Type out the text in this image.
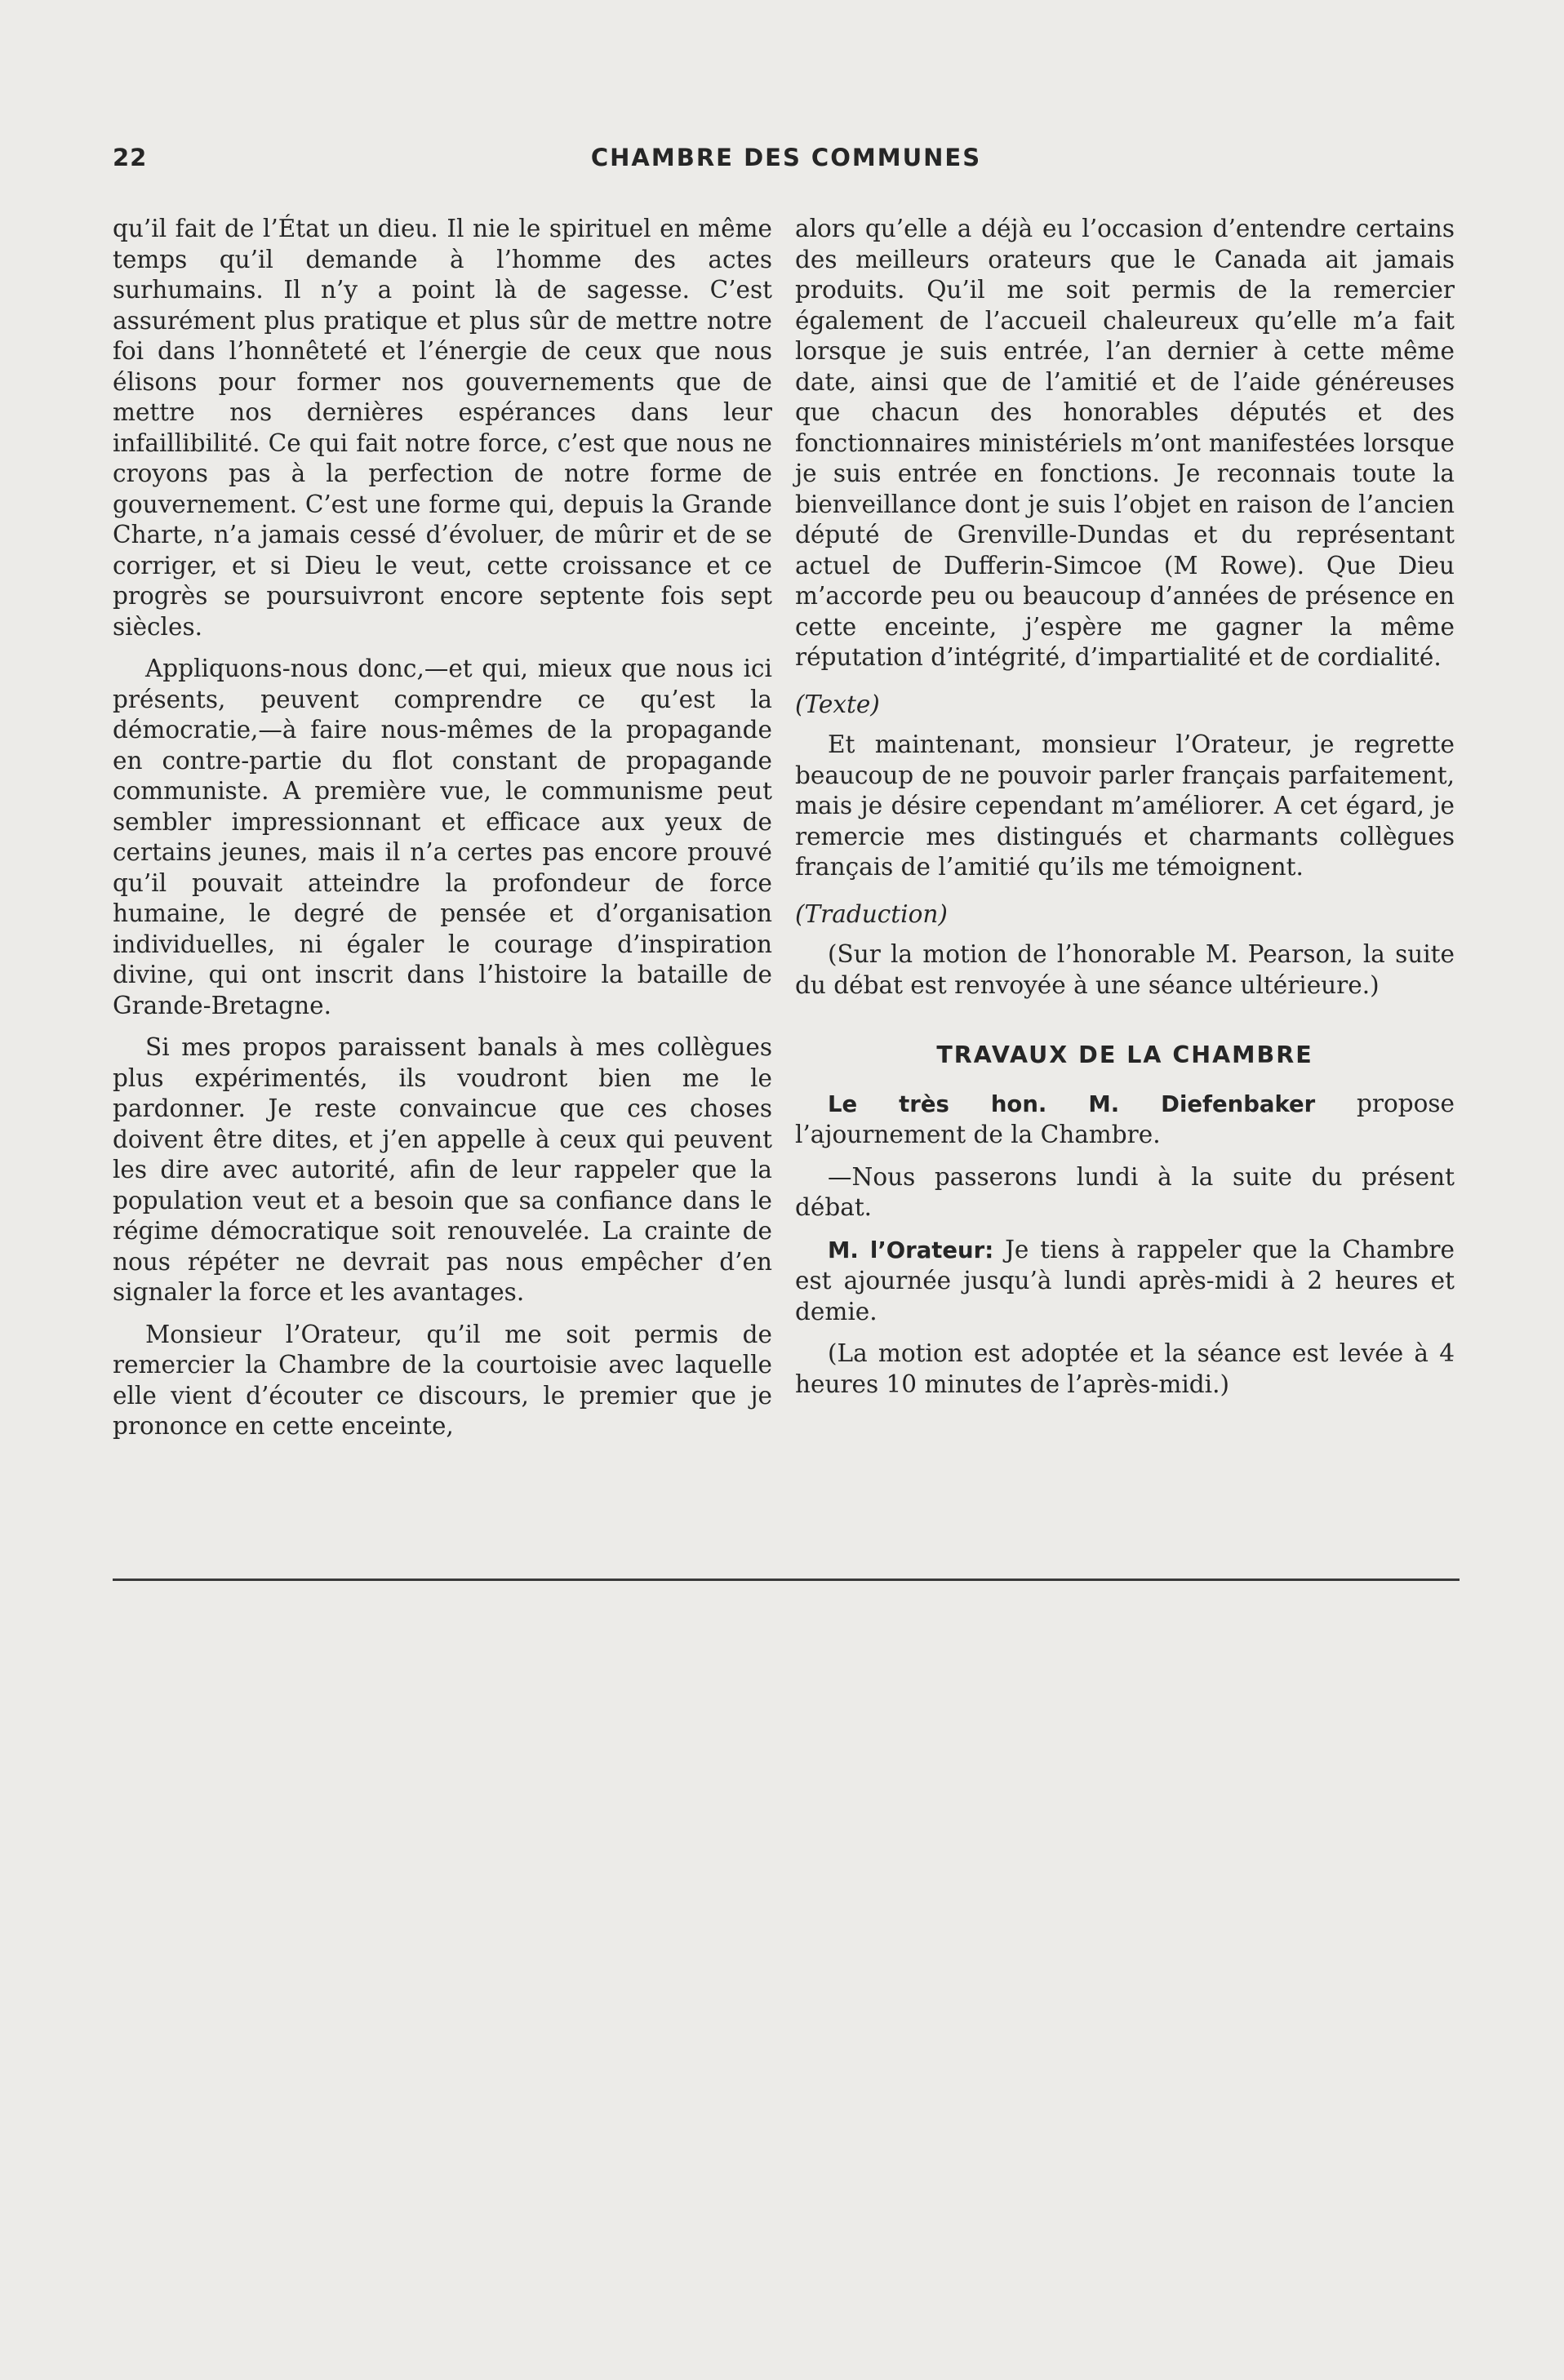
22	CHAMBRE DES COMMUNES

qu’il fait de l’État un dieu. Il nie le spirituel en même temps qu’il demande à l’homme des actes surhumains. Il n’y a point là de sagesse. C’est assurément plus pratique et plus sûr de mettre notre foi dans l’honnêteté et l’énergie de ceux que nous élisons pour former nos gouvernements que de mettre nos dernières espérances dans leur infaillibilité. Ce qui fait notre force, c’est que nous ne croyons pas à la perfection de notre forme de gouvernement. C’est une forme qui, depuis la Grande Charte, n’a jamais cessé d’évoluer, de mûrir et de se corriger, et si Dieu le veut, cette croissance et ce progrès se poursuivront encore septente fois sept siècles.

Appliquons-nous donc,—et qui, mieux que nous ici présents, peuvent comprendre ce qu’est la démocratie,—à faire nous-mêmes de la propagande en contre-partie du flot constant de propagande communiste. A première vue, le communisme peut sembler impressionnant et efficace aux yeux de certains jeunes, mais il n’a certes pas encore prouvé qu’il pouvait atteindre la profondeur de force humaine, le degré de pensée et d’organisation individuelles, ni égaler le courage d’inspiration divine, qui ont inscrit dans l’histoire la bataille de Grande-Bretagne.

Si mes propos paraissent banals à mes collègues plus expérimentés, ils voudront bien me le pardonner. Je reste convaincue que ces choses doivent être dites, et j’en appelle à ceux qui peuvent les dire avec autorité, afin de leur rappeler que la population veut et a besoin que sa confiance dans le régime démocratique soit renouvelée. La crainte de nous répéter ne devrait pas nous empêcher d’en signaler la force et les avantages.

Monsieur l’Orateur, qu’il me soit permis de remercier la Chambre de la courtoisie avec laquelle elle vient d’écouter ce discours, le premier que je prononce en cette enceinte,

alors qu’elle a déjà eu l’occasion d’entendre certains des meilleurs orateurs que le Canada ait jamais produits. Qu’il me soit permis de la remercier également de l’accueil chaleureux qu’elle m’a fait lorsque je suis entrée, l’an dernier à cette même date, ainsi que de l’amitié et de l’aide généreuses que chacun des honorables députés et des fonctionnaires ministériels m’ont manifestées lorsque je suis entrée en fonctions. Je reconnais toute la bienveillance dont je suis l’objet en raison de l’ancien député de Grenville-Dundas et du représentant actuel de Dufferin-Simcoe (M Rowe). Que Dieu m’accorde peu ou beaucoup d’années de présence en cette enceinte, j’espère me gagner la même réputation d’intégrité, d’impartialité et de cordialité.

(Texte)

Et maintenant, monsieur l’Orateur, je regrette beaucoup de ne pouvoir parler français parfaitement, mais je désire cependant m’améliorer. A cet égard, je remercie mes distingués et charmants collègues français de l’amitié qu’ils me témoignent.

(Traduction)

(Sur la motion de l’honorable M. Pearson, la suite du débat est renvoyée à une séance ultérieure.)

TRAVAUX DE LA CHAMBRE

Le très hon. M. Diefenbaker propose l’ajournement de la Chambre.

—Nous passerons lundi à la suite du présent débat.

M. l’Orateur: Je tiens à rappeler que la Chambre est ajournée jusqu’à lundi après-midi à 2 heures et demie.

(La motion est adoptée et la séance est levée à 4 heures 10 minutes de l’après-midi.)
